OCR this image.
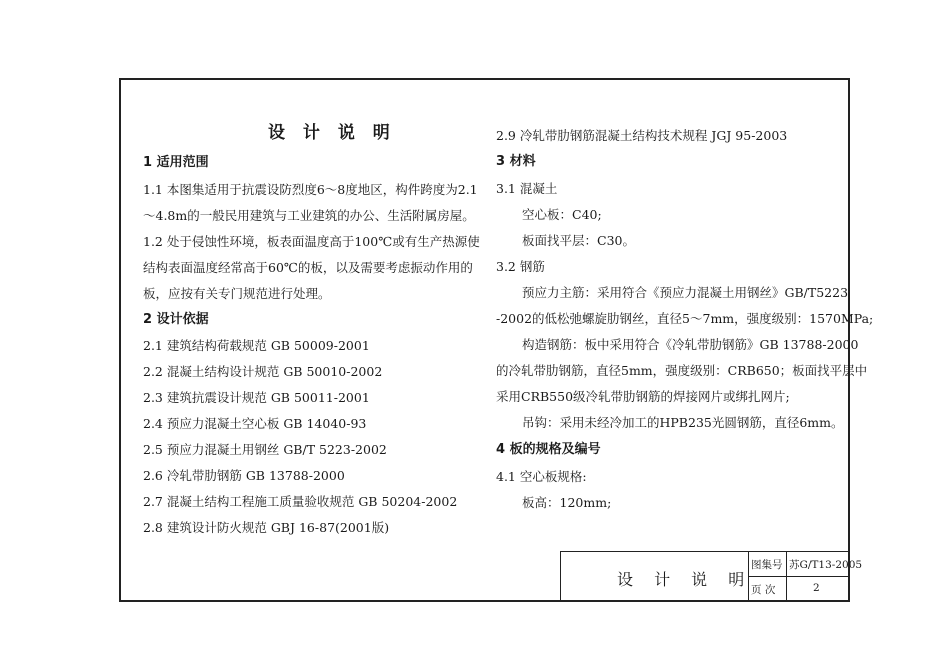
设 计 说 明
1 适用范围
1.1 本图集适用于抗震设防烈度6～8度地区，构件跨度为2.1
～4.8m的一般民用建筑与工业建筑的办公、生活附属房屋。
1.2 处于侵蚀性环境，板表面温度高于100℃或有生产热源使
结构表面温度经常高于60℃的板，以及需要考虑振动作用的
板，应按有关专门规范进行处理。
2 设计依据
2.1 建筑结构荷载规范 GB 50009-2001
2.2 混凝土结构设计规范 GB 50010-2002
2.3 建筑抗震设计规范 GB 50011-2001
2.4 预应力混凝土空心板 GB 14040-93
2.5 预应力混凝土用钢丝 GB/T 5223-2002
2.6 冷轧带肋钢筋 GB 13788-2000
2.7 混凝土结构工程施工质量验收规范 GB 50204-2002
2.8 建筑设计防火规范 GBJ 16-87(2001版)
2.9 冷轧带肋钢筋混凝土结构技术规程 JGJ 95-2003
3 材料
3.1 混凝土
空心板：C40;
板面找平层：C30。
3.2 钢筋
预应力主筋：采用符合《预应力混凝土用钢丝》GB/T5223
-2002的低松弛螺旋肋钢丝，直径5～7mm，强度级别：1570MPa;
构造钢筋：板中采用符合《冷轧带肋钢筋》GB 13788-2000
的冷轧带肋钢筋，直径5mm，强度级别：CRB650；板面找平层中
采用CRB550级冷轧带肋钢筋的焊接网片或绑扎网片;
吊钩：采用未经冷加工的HPB235光圆钢筋，直径6mm。
4 板的规格及编号
4.1 空心板规格:
板高：120mm;
设 计 说 明
图集号 苏G/T13-2005
页 次	2
